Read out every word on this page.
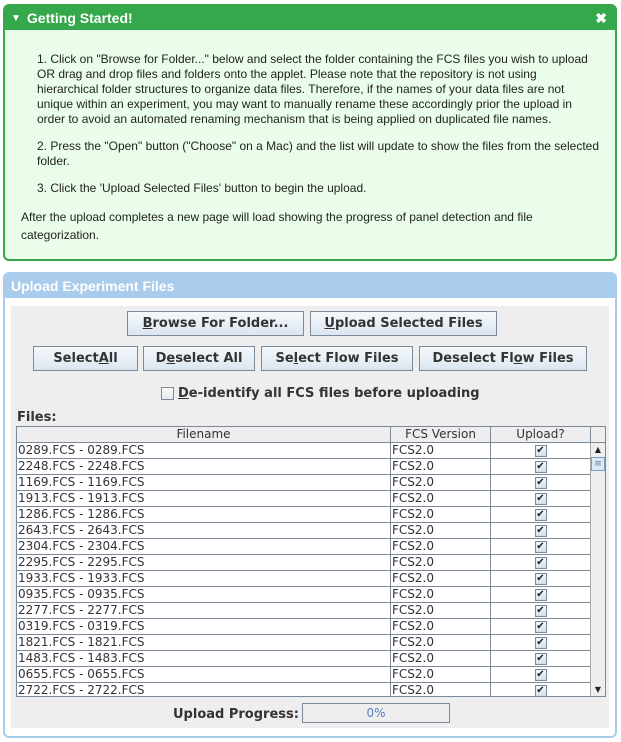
▼ Getting Started!	✖

1. Click on "Browse for Folder..." below and select the folder containing the FCS files you wish to upload OR drag and drop files and folders onto the applet. Please note that the repository is not using hierarchical folder structures to organize data files. Therefore, if the names of your data files are not unique within an experiment, you may want to manually rename these accordingly prior the upload in order to avoid an automated renaming mechanism that is being applied on duplicated file names.

2. Press the "Open" button ("Choose" on a Mac) and the list will update to show the files from the selected folder.

3. Click the 'Upload Selected Files' button to begin the upload.

After the upload completes a new page will load showing the progress of panel detection and file categorization.

Upload Experiment Files
B rowse For Folder...	U pload Selected Files
Select A ll	D e select All	Se l ect Flow Files	Deselect Fl o w Files
D e-identify all FCS files before uploading
Files:
Filename	FCS Version	Upload?
0289.FCS - 0289.FCS	FCS2.0	✔
2248.FCS - 2248.FCS	FCS2.0	✔
1169.FCS - 1169.FCS	FCS2.0	✔
1913.FCS - 1913.FCS	FCS2.0	✔
1286.FCS - 1286.FCS	FCS2.0	✔
2643.FCS - 2643.FCS	FCS2.0	✔
2304.FCS - 2304.FCS	FCS2.0	✔
2295.FCS - 2295.FCS	FCS2.0	✔
1933.FCS - 1933.FCS	FCS2.0	✔
0935.FCS - 0935.FCS	FCS2.0	✔
2277.FCS - 2277.FCS	FCS2.0	✔
0319.FCS - 0319.FCS	FCS2.0	✔
1821.FCS - 1821.FCS	FCS2.0	✔
1483.FCS - 1483.FCS	FCS2.0	✔
0655.FCS - 0655.FCS	FCS2.0	✔
2722.FCS - 2722.FCS	FCS2.0	✔
▲
≡
▼
Upload Progress:	0%
